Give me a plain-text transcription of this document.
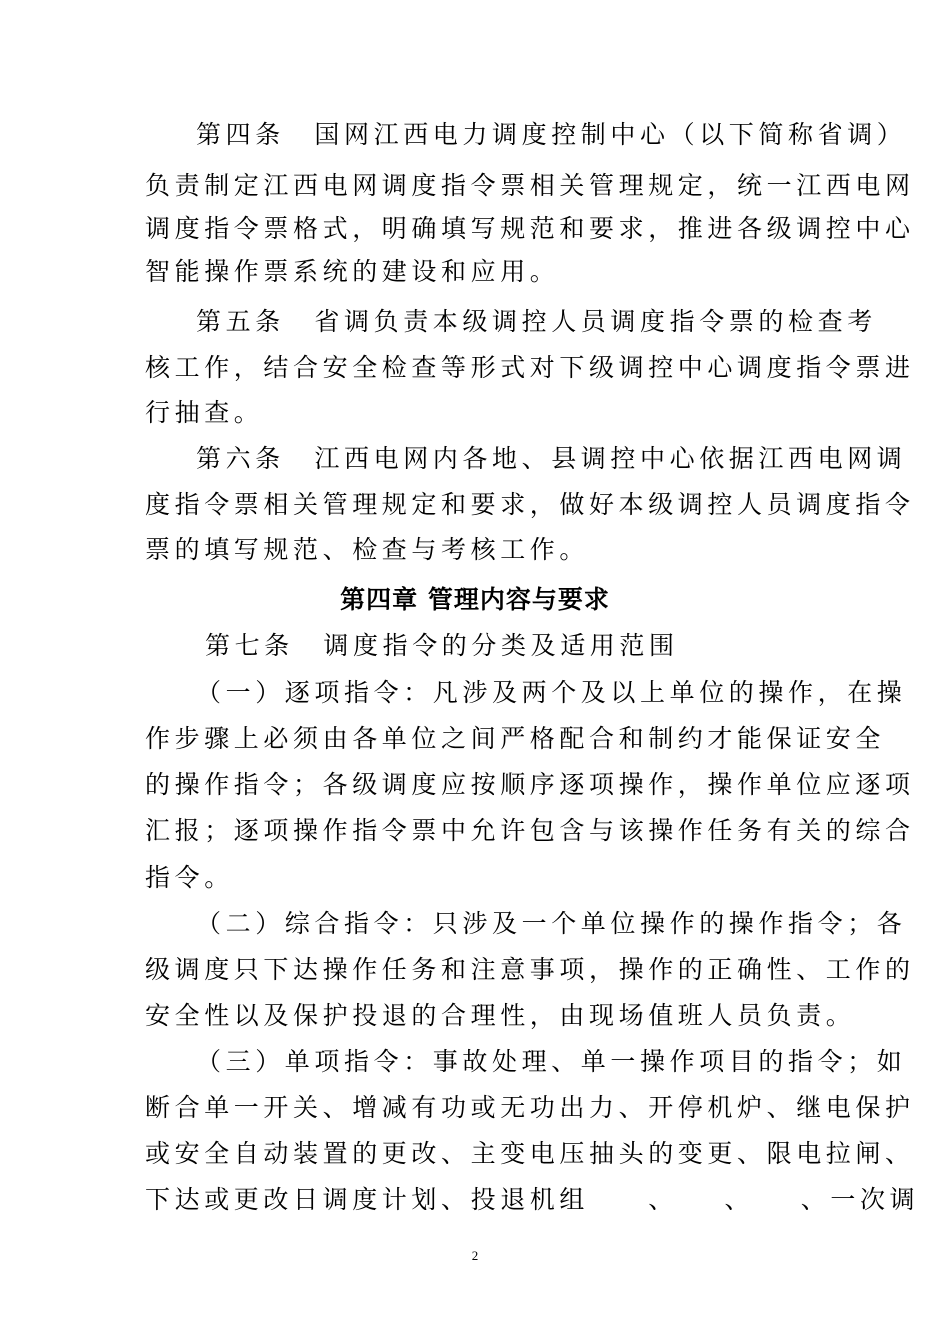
第四条　国网江西电力调度控制中心（以下简称省调）
负责制定江西电网调度指令票相关管理规定，统一江西电网
调度指令票格式，明确填写规范和要求，推进各级调控中心
智能操作票系统的建设和应用。
第五条　省调负责本级调控人员调度指令票的检查考
核工作，结合安全检查等形式对下级调控中心调度指令票进
行抽查。
第六条　江西电网内各地、县调控中心依据江西电网调
度指令票相关管理规定和要求，做好本级调控人员调度指令
票的填写规范、检查与考核工作。
第四章 管理内容与要求
第七条　调度指令的分类及适用范围
（一）逐项指令：凡涉及两个及以上单位的操作，在操
作步骤上必须由各单位之间严格配合和制约才能保证安全
的操作指令；各级调度应按顺序逐项操作，操作单位应逐项
汇报；逐项操作指令票中允许包含与该操作任务有关的综合
指令。
（二）综合指令：只涉及一个单位操作的操作指令；各
级调度只下达操作任务和注意事项，操作的正确性、工作的
安全性以及保护投退的合理性，由现场值班人员负责。
（三）单项指令：事故处理、单一操作项目的指令；如
断合单一开关、增减有功或无功出力、开停机炉、继电保护
或安全自动装置的更改、主变电压抽头的变更、限电拉闸、
下达或更改日调度计划、投退机组　　、　　、　　、一次调
2
